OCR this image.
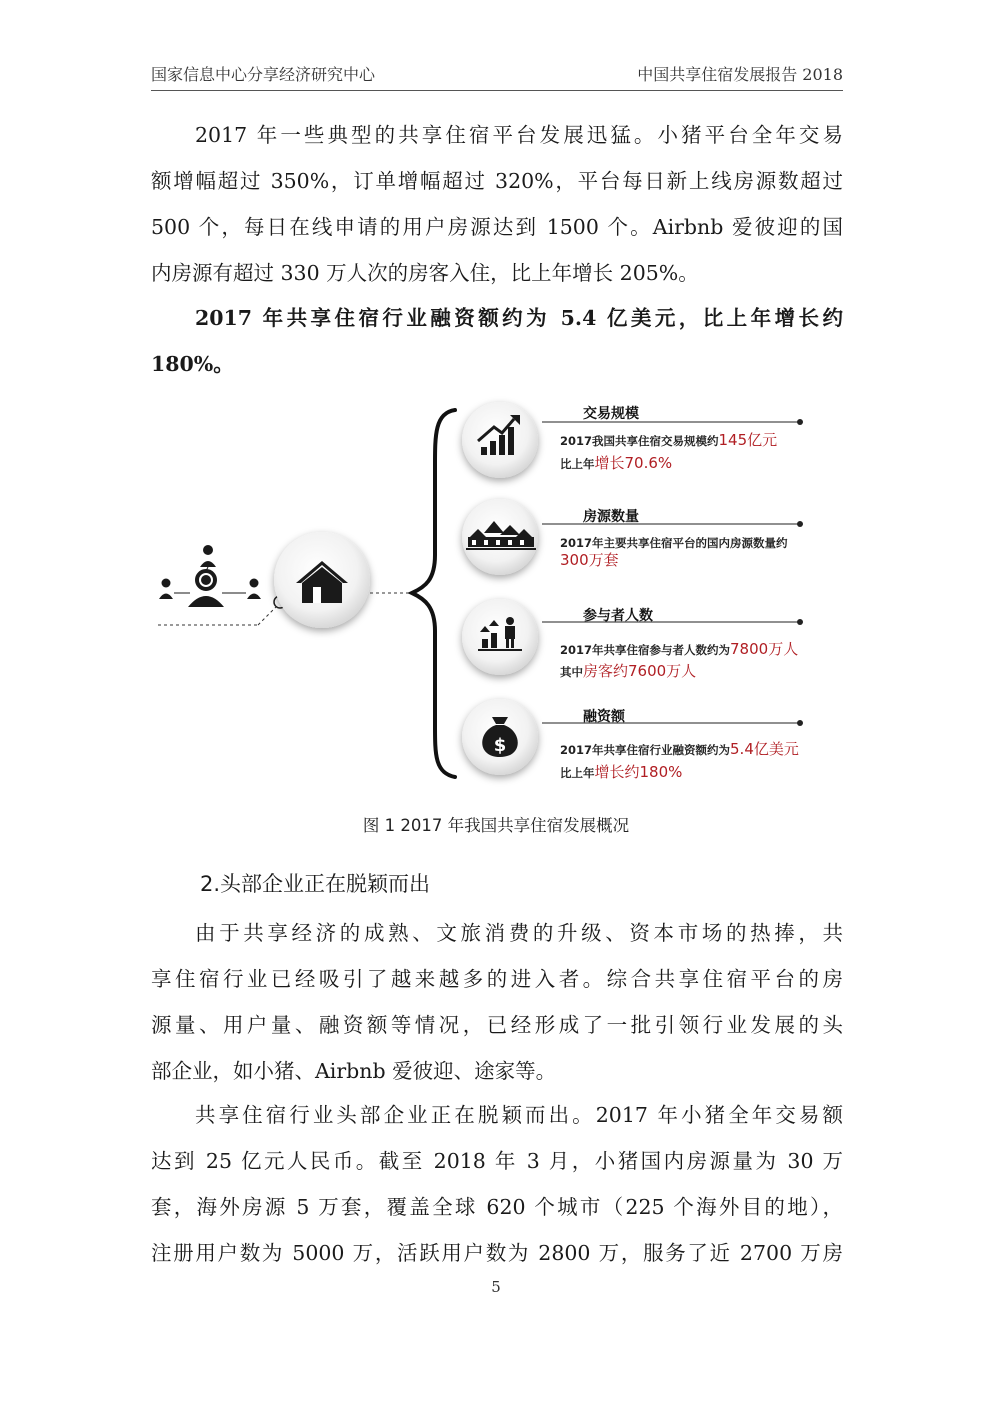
国家信息中心分享经济研究中心	中国共享住宿发展报告 2018
2017 年一些典型的共享住宿平台发展迅猛。小猪平台全年交易
额增幅超过 350%，订单增幅超过 320%，平台每日新上线房源数超过
500 个，每日在线申请的用户房源达到 1500 个。Airbnb 爱彼迎的国
内房源有超过 330 万人次的房客入住，比上年增长 205%。
2017 年共享住宿行业融资额约为 5.4 亿美元，比上年增长约
180%。
$
交易规模
2017我国共享住宿交易规模约145亿元
比上年增长70.6%
房源数量
2017年主要共享住宿平台的国内房源数量约
300万套
参与者人数
2017年共享住宿参与者人数约为7800万人
其中房客约7600万人
融资额
2017年共享住宿行业融资额约为5.4亿美元
比上年增长约180%
图 1 2017 年我国共享住宿发展概况
2.头部企业正在脱颖而出
由于共享经济的成熟、文旅消费的升级、资本市场的热捧，共
享住宿行业已经吸引了越来越多的进入者。综合共享住宿平台的房
源量、用户量、融资额等情况，已经形成了一批引领行业发展的头
部企业，如小猪、Airbnb 爱彼迎、途家等。
共享住宿行业头部企业正在脱颖而出。2017 年小猪全年交易额
达到 25 亿元人民币。截至 2018 年 3 月，小猪国内房源量为 30 万
套，海外房源 5 万套，覆盖全球 620 个城市（225 个海外目的地），
注册用户数为 5000 万，活跃用户数为 2800 万，服务了近 2700 万房
5
